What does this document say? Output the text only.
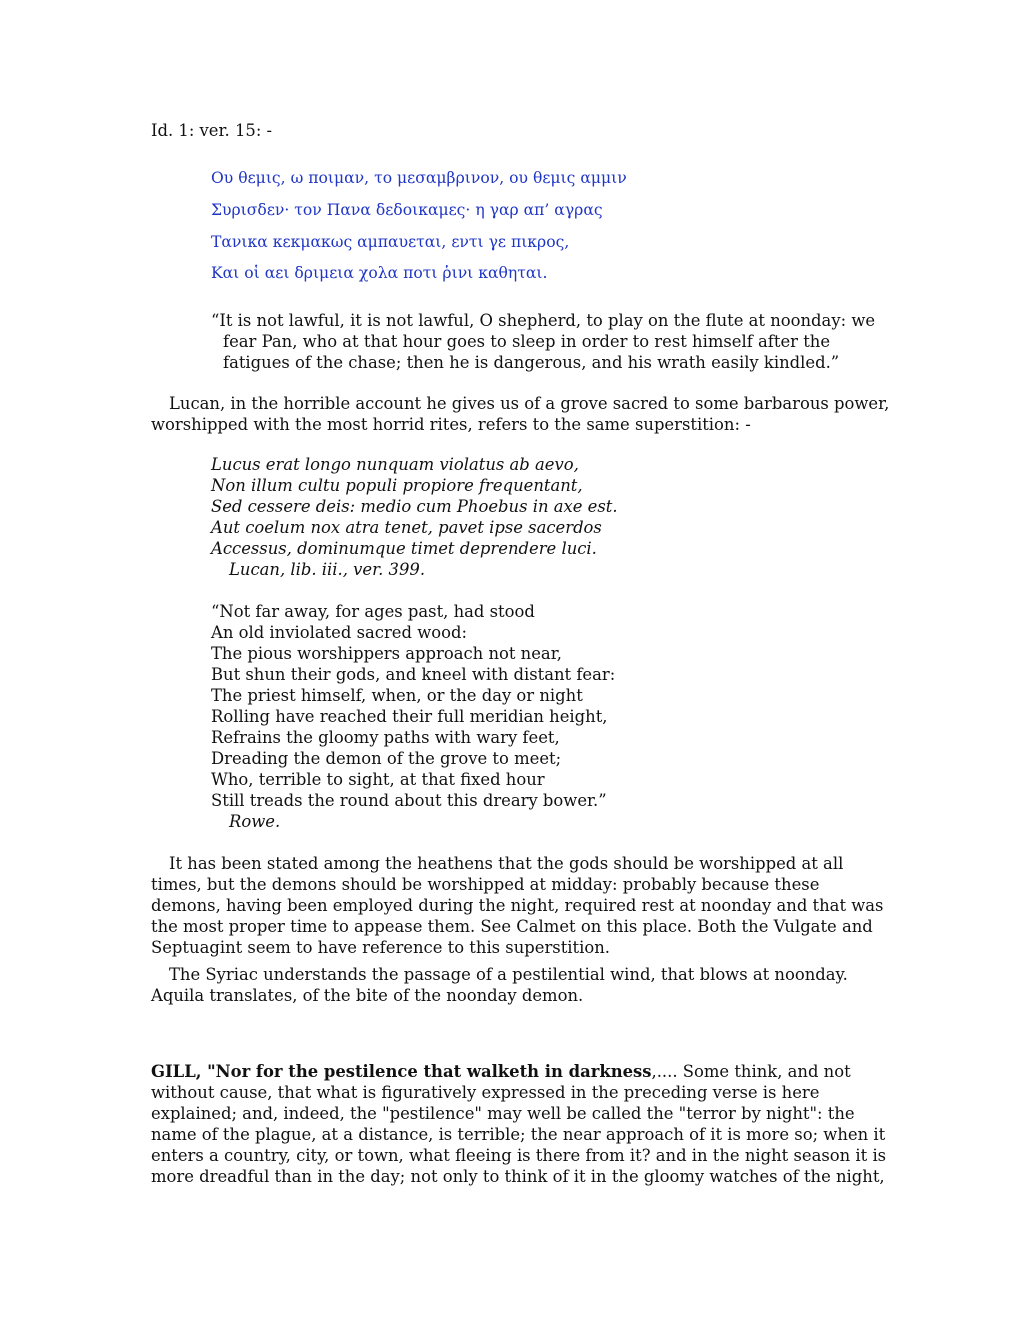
Id. 1: ver. 15: -
Ου θεμις, ω ποιμαν, το μεσαμβρινον, ου θεμις αμμιν
Συρισδεν· τον Πανα δεδοικαμες· η γαρ απ’ αγρας
Τανικα κεκμακως αμπαυεται, εντι γε πικρος,
Και οἱ αει δριμεια χολα ποτι ῥινι καθηται.
“It is not lawful, it is not lawful, O shepherd, to play on the flute at noonday: we
fear Pan, who at that hour goes to sleep in order to rest himself after the
fatigues of the chase; then he is dangerous, and his wrath easily kindled.”
Lucan, in the horrible account he gives us of a grove sacred to some barbarous power,
worshipped with the most horrid rites, refers to the same superstition: -
Lucus erat longo nunquam violatus ab aevo,
Non illum cultu populi propiore frequentant,
Sed cessere deis: medio cum Phoebus in axe est.
Aut coelum nox atra tenet, pavet ipse sacerdos
Accessus, dominumque timet deprendere luci.
Lucan, lib. iii., ver. 399.
“Not far away, for ages past, had stood
An old inviolated sacred wood:
The pious worshippers approach not near,
But shun their gods, and kneel with distant fear:
The priest himself, when, or the day or night
Rolling have reached their full meridian height,
Refrains the gloomy paths with wary feet,
Dreading the demon of the grove to meet;
Who, terrible to sight, at that fixed hour
Still treads the round about this dreary bower.”
Rowe.
It has been stated among the heathens that the gods should be worshipped at all
times, but the demons should be worshipped at midday: probably because these
demons, having been employed during the night, required rest at noonday and that was
the most proper time to appease them. See Calmet on this place. Both the Vulgate and
Septuagint seem to have reference to this superstition.
The Syriac understands the passage of a pestilential wind, that blows at noonday.
Aquila translates, of the bite of the noonday demon.
GILL, "Nor for the pestilence that walketh in darkness,.... Some think, and not
without cause, that what is figuratively expressed in the preceding verse is here
explained; and, indeed, the "pestilence" may well be called the "terror by night": the
name of the plague, at a distance, is terrible; the near approach of it is more so; when it
enters a country, city, or town, what fleeing is there from it? and in the night season it is
more dreadful than in the day; not only to think of it in the gloomy watches of the night,
